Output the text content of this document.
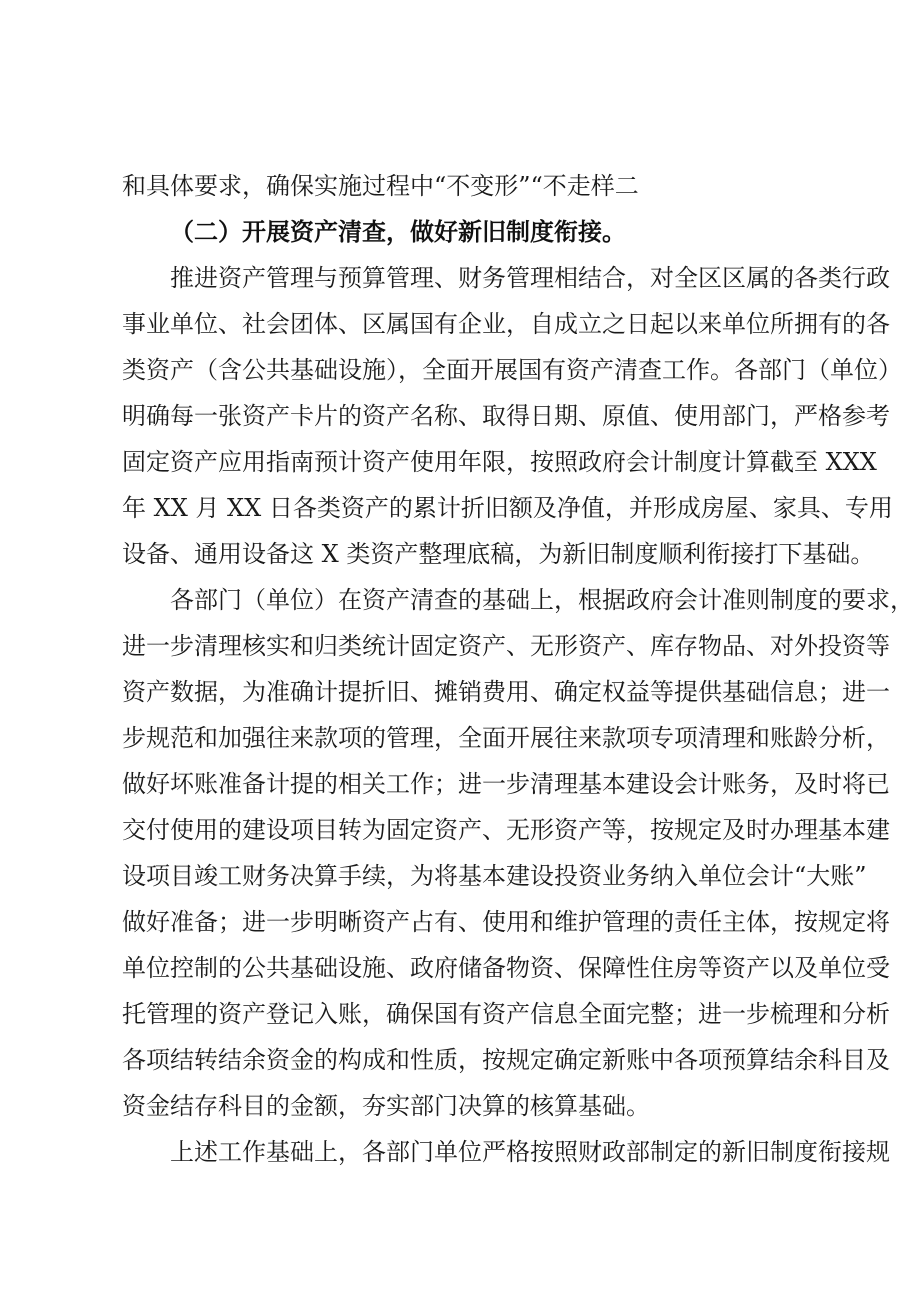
和具体要求，确保实施过程中“不变形”“不走样二
（二）开展资产清查，做好新旧制度衔接。
推进资产管理与预算管理、财务管理相结合，对全区区属的各类行政
事业单位、社会团体、区属国有企业，自成立之日起以来单位所拥有的各
类资产（含公共基础设施），全面开展国有资产清查工作。各部门（单位）
明确每一张资产卡片的资产名称、取得日期、原值、使用部门，严格参考
固定资产应用指南预计资产使用年限，按照政府会计制度计算截至 XXX
年 XX 月 XX 日各类资产的累计折旧额及净值，并形成房屋、家具、专用
设备、通用设备这 X 类资产整理底稿，为新旧制度顺利衔接打下基础。
各部门（单位）在资产清查的基础上，根据政府会计准则制度的要求，
进一步清理核实和归类统计固定资产、无形资产、库存物品、对外投资等
资产数据，为准确计提折旧、摊销费用、确定权益等提供基础信息；进一
步规范和加强往来款项的管理，全面开展往来款项专项清理和账龄分析，
做好坏账准备计提的相关工作；进一步清理基本建设会计账务，及时将已
交付使用的建设项目转为固定资产、无形资产等，按规定及时办理基本建
设项目竣工财务决算手续，为将基本建设投资业务纳入单位会计“大账”
做好准备；进一步明晰资产占有、使用和维护管理的责任主体，按规定将
单位控制的公共基础设施、政府储备物资、保障性住房等资产以及单位受
托管理的资产登记入账，确保国有资产信息全面完整；进一步梳理和分析
各项结转结余资金的构成和性质，按规定确定新账中各项预算结余科目及
资金结存科目的金额，夯实部门决算的核算基础。
上述工作基础上，各部门单位严格按照财政部制定的新旧制度衔接规
